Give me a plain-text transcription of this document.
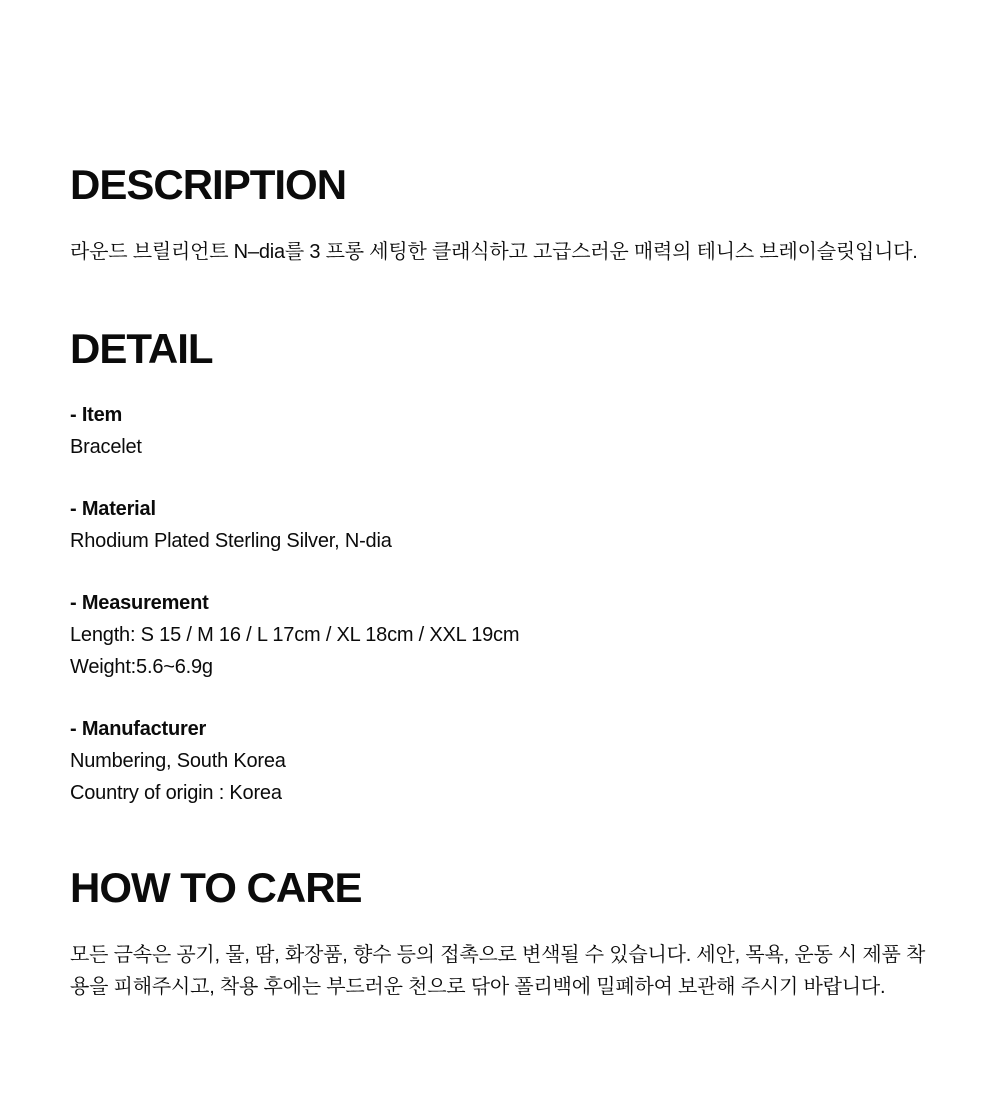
DESCRIPTION

라운드 브릴리언트 N–dia를 3 프롱 세팅한 클래식하고 고급스러운 매력의 테니스 브레이슬릿입니다.

DETAIL
- Item
Bracelet
- Material
Rhodium Plated Sterling Silver, N-dia
- Measurement
Length: S 15 / M 16 / L 17cm / XL 18cm / XXL 19cm
Weight:5.6~6.9g
- Manufacturer
Numbering, South Korea
Country of origin : Korea
HOW TO CARE

모든 금속은 공기, 물, 땀, 화장품, 향수 등의 접촉으로 변색될 수 있습니다. 세안, 목욕, 운동 시 제품 착용을 피해주시고, 착용 후에는 부드러운 천으로 닦아 폴리백에 밀폐하여 보관해 주시기 바랍니다.
